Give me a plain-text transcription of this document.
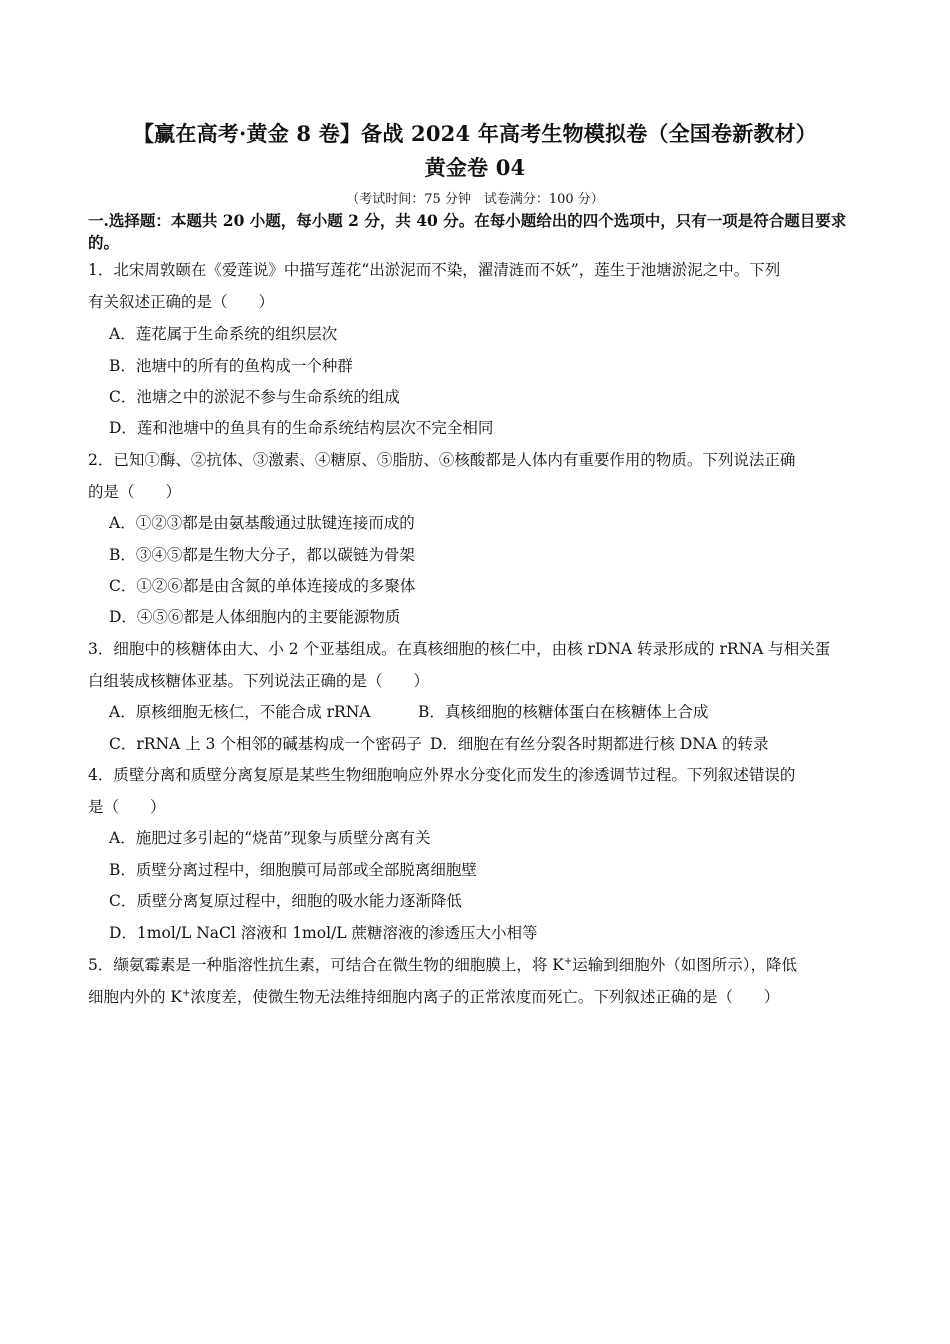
【赢在高考·黄金 8 卷】备战 2024 年高考生物模拟卷（全国卷新教材）
黄金卷 04
（考试时间：75 分钟　试卷满分：100 分）
一.选择题：本题共 20 小题，每小题 2 分，共 40 分。在每小题给出的四个选项中，只有一项是符合题目要求的。
1．北宋周敦颐在《爱莲说》中描写莲花“出淤泥而不染，濯清涟而不妖”，莲生于池塘淤泥之中。下列
有关叙述正确的是（　　）
A．莲花属于生命系统的组织层次
B．池塘中的所有的鱼构成一个种群
C．池塘之中的淤泥不参与生命系统的组成
D．莲和池塘中的鱼具有的生命系统结构层次不完全相同
2．已知①酶、②抗体、③激素、④糖原、⑤脂肪、⑥核酸都是人体内有重要作用的物质。下列说法正确
的是（　　）
A．①②③都是由氨基酸通过肽键连接而成的
B．③④⑤都是生物大分子，都以碳链为骨架
C．①②⑥都是由含氮的单体连接成的多聚体
D．④⑤⑥都是人体细胞内的主要能源物质
3．细胞中的核糖体由大、小 2 个亚基组成。在真核细胞的核仁中，由核 rDNA 转录形成的 rRNA 与相关蛋
白组装成核糖体亚基。下列说法正确的是（　　）
A．原核细胞无核仁，不能合成 rRNA	B．真核细胞的核糖体蛋白在核糖体上合成
C．rRNA 上 3 个相邻的碱基构成一个密码子 D．细胞在有丝分裂各时期都进行核 DNA 的转录
4．质壁分离和质壁分离复原是某些生物细胞响应外界水分变化而发生的渗透调节过程。下列叙述错误的
是（　　）
A．施肥过多引起的“烧苗”现象与质壁分离有关
B．质壁分离过程中，细胞膜可局部或全部脱离细胞壁
C．质壁分离复原过程中，细胞的吸水能力逐渐降低
D．1mol/L NaCl 溶液和 1mol/L 蔗糖溶液的渗透压大小相等
5．缬氨霉素是一种脂溶性抗生素，可结合在微生物的细胞膜上，将 K+运输到细胞外（如图所示），降低
细胞内外的 K+浓度差，使微生物无法维持细胞内离子的正常浓度而死亡。下列叙述正确的是（　　）
